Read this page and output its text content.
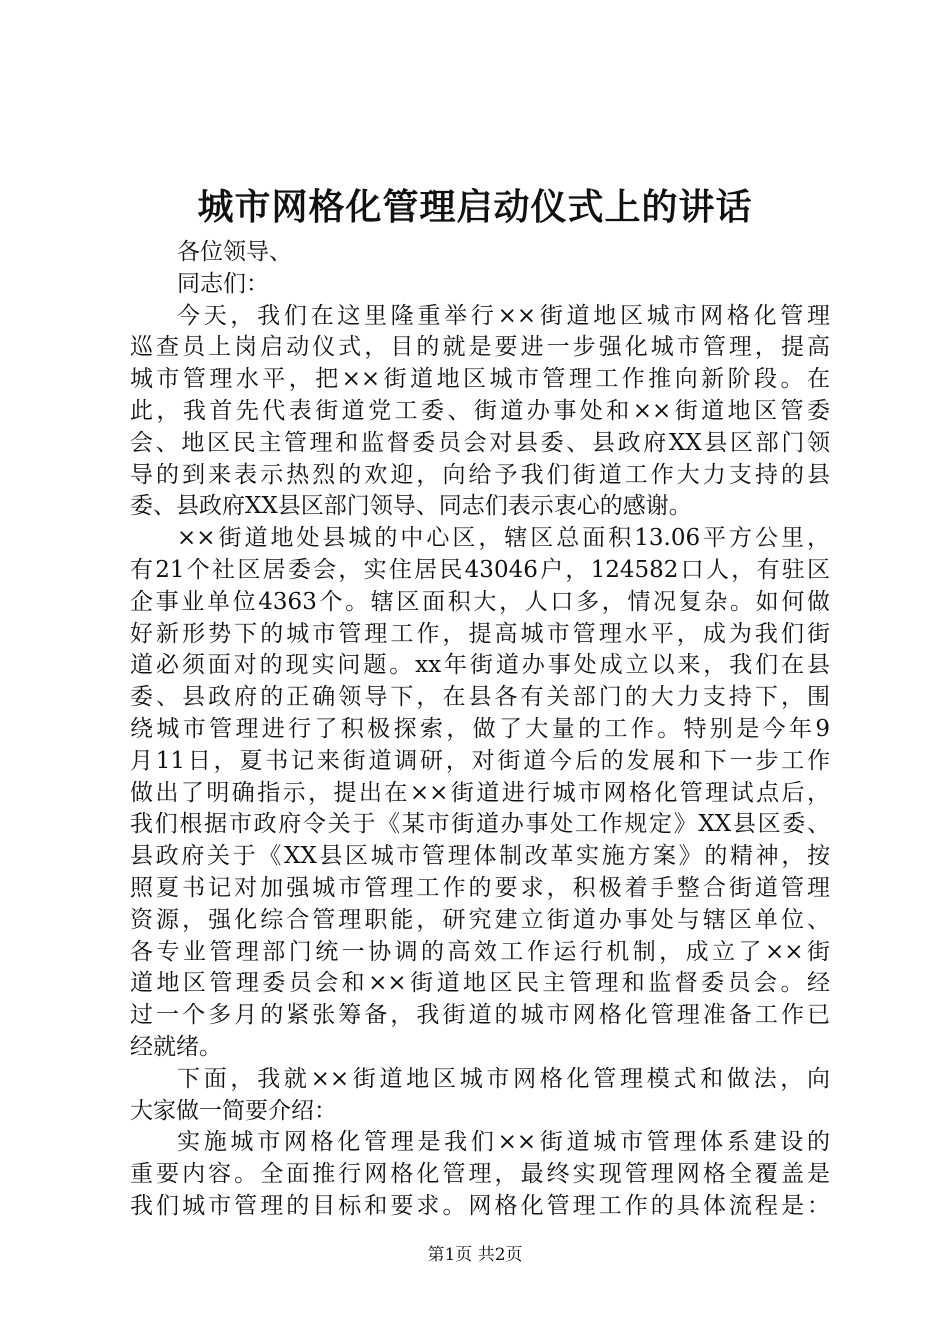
城市网格化管理启动仪式上的讲话
各位领导、
同志们：
今天，我们在这里隆重举行××街道地区城市网格化管理
巡查员上岗启动仪式，目的就是要进一步强化城市管理，提高
城市管理水平，把××街道地区城市管理工作推向新阶段。在
此，我首先代表街道党工委、街道办事处和××街道地区管委
会、地区民主管理和监督委员会对县委、县政府XX县区部门领
导的到来表示热烈的欢迎，向给予我们街道工作大力支持的县
委、县政府XX县区部门领导、同志们表示衷心的感谢。
××街道地处县城的中心区，辖区总面积13.06平方公里，
有21个社区居委会，实住居民43046户，124582口人，有驻区
企事业单位4363个。辖区面积大，人口多，情况复杂。如何做
好新形势下的城市管理工作，提高城市管理水平，成为我们街
道必须面对的现实问题。xx年街道办事处成立以来，我们在县
委、县政府的正确领导下，在县各有关部门的大力支持下，围
绕城市管理进行了积极探索，做了大量的工作。特别是今年9
月11日，夏书记来街道调研，对街道今后的发展和下一步工作
做出了明确指示，提出在××街道进行城市网格化管理试点后，
我们根据市政府令关于《某市街道办事处工作规定》XX县区委、
县政府关于《XX县区城市管理体制改革实施方案》的精神，按
照夏书记对加强城市管理工作的要求，积极着手整合街道管理
资源，强化综合管理职能，研究建立街道办事处与辖区单位、
各专业管理部门统一协调的高效工作运行机制，成立了××街
道地区管理委员会和××街道地区民主管理和监督委员会。经
过一个多月的紧张筹备，我街道的城市网格化管理准备工作已
经就绪。
下面，我就××街道地区城市网格化管理模式和做法，向
大家做一简要介绍：
实施城市网格化管理是我们××街道城市管理体系建设的
重要内容。全面推行网格化管理，最终实现管理网格全覆盖是
我们城市管理的目标和要求。网格化管理工作的具体流程是：
第1页 共2页
